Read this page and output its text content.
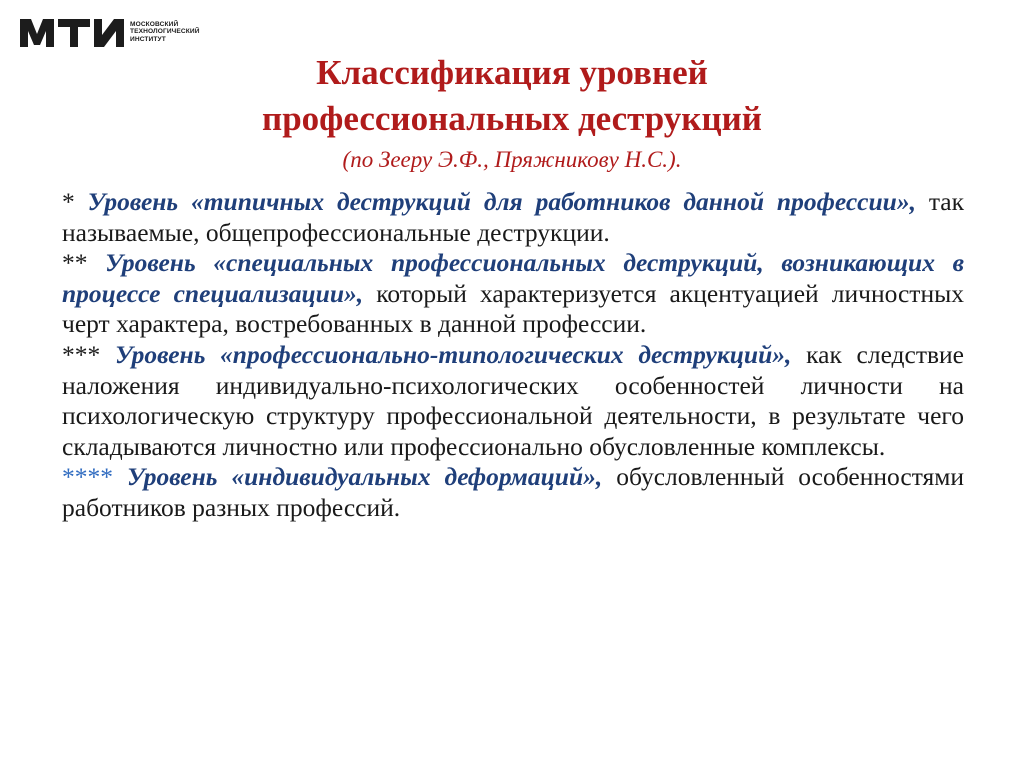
МОСКОВСКИЙ
ТЕХНОЛОГИЧЕСКИЙ
ИНСТИТУТ
Классификация уровней
профессиональных деструкций
(по Зееру Э.Ф., Пряжникову Н.С.).

* Уровень «типичных деструкций для работников данной профессии», так называемые, общепрофессиональные деструкции.

** Уровень «специальных профессиональных деструкций, возникающих в процессе специализации», который характеризуется акцентуацией личностных черт характера, востребованных в данной профессии.

*** Уровень «профессионально-типологических деструкций», как следствие наложения индивидуально-психологических особенностей личности на психологическую структуру профессиональной деятельности, в результате чего складываются личностно или профессионально обусловленные комплексы.

**** Уровень «индивидуальных деформаций», обусловленный особенностями работников разных профессий.
